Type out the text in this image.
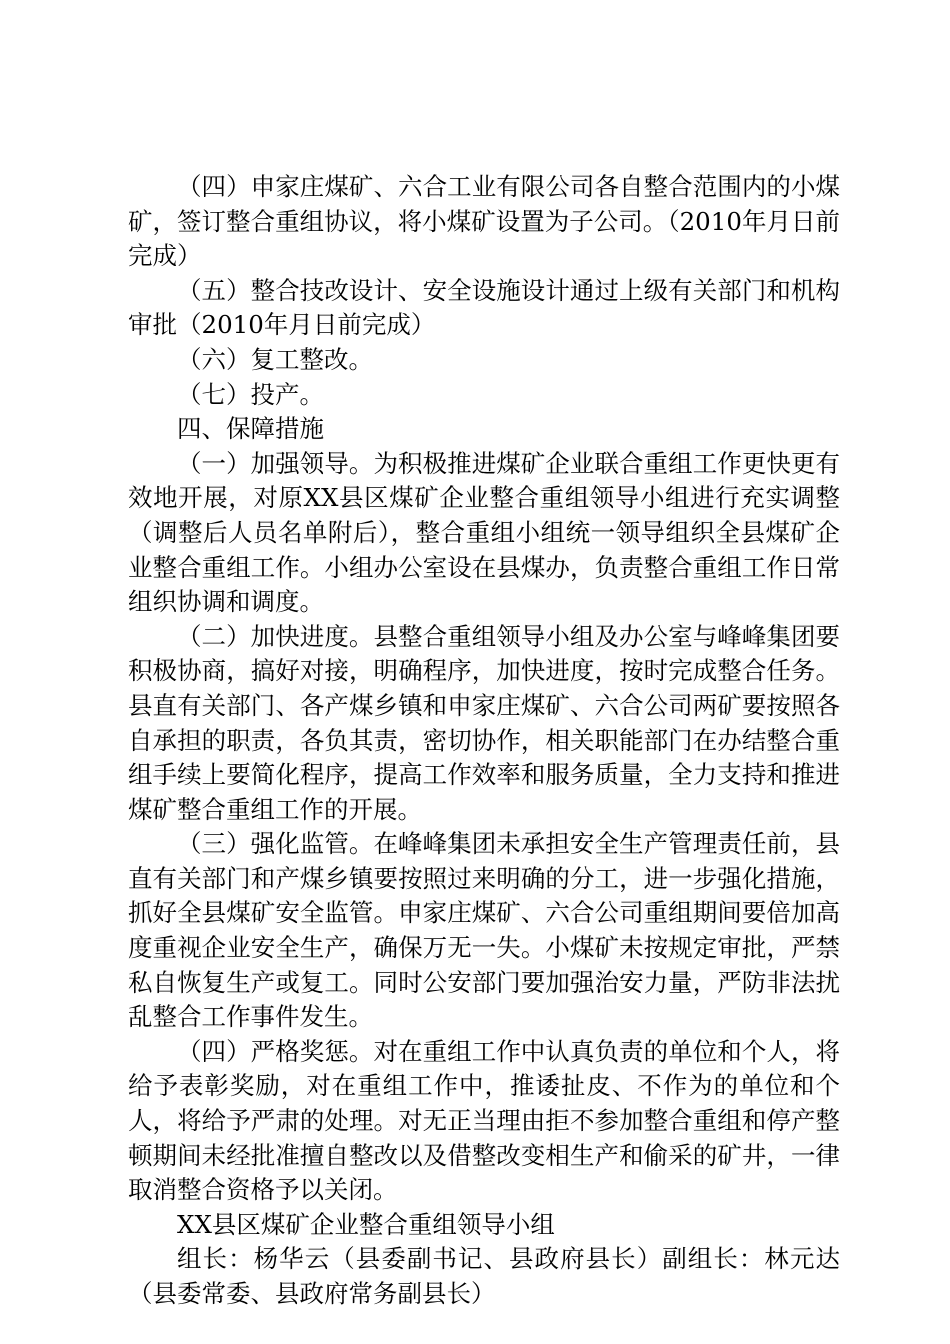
（四）申家庄煤矿、六合工业有限公司各自整合范围内的小煤矿，签订整合重组协议，将小煤矿设置为子公司。（2010年月日前完成）

（五）整合技改设计、安全设施设计通过上级有关部门和机构审批（2010年月日前完成）

（六）复工整改。

（七）投产。

四、保障措施

（一）加强领导。为积极推进煤矿企业联合重组工作更快更有效地开展，对原XX县区煤矿企业整合重组领导小组进行充实调整（调整后人员名单附后），整合重组小组统一领导组织全县煤矿企业整合重组工作。小组办公室设在县煤办，负责整合重组工作日常组织协调和调度。

（二）加快进度。县整合重组领导小组及办公室与峰峰集团要积极协商，搞好对接，明确程序，加快进度，按时完成整合任务。县直有关部门、各产煤乡镇和申家庄煤矿、六合公司两矿要按照各自承担的职责，各负其责，密切协作，相关职能部门在办结整合重组手续上要简化程序，提高工作效率和服务质量，全力支持和推进煤矿整合重组工作的开展。

（三）强化监管。在峰峰集团未承担安全生产管理责任前，县直有关部门和产煤乡镇要按照过来明确的分工，进一步强化措施，抓好全县煤矿安全监管。申家庄煤矿、六合公司重组期间要倍加高度重视企业安全生产，确保万无一失。小煤矿未按规定审批，严禁私自恢复生产或复工。同时公安部门要加强治安力量，严防非法扰乱整合工作事件发生。

（四）严格奖惩。对在重组工作中认真负责的单位和个人，将给予表彰奖励，对在重组工作中，推诿扯皮、不作为的单位和个人，将给予严肃的处理。对无正当理由拒不参加整合重组和停产整顿期间未经批准擅自整改以及借整改变相生产和偷采的矿井，一律取消整合资格予以关闭。

XX县区煤矿企业整合重组领导小组

组长：杨华云（县委副书记、县政府县长）副组长：林元达（县委常委、县政府常务副县长）
